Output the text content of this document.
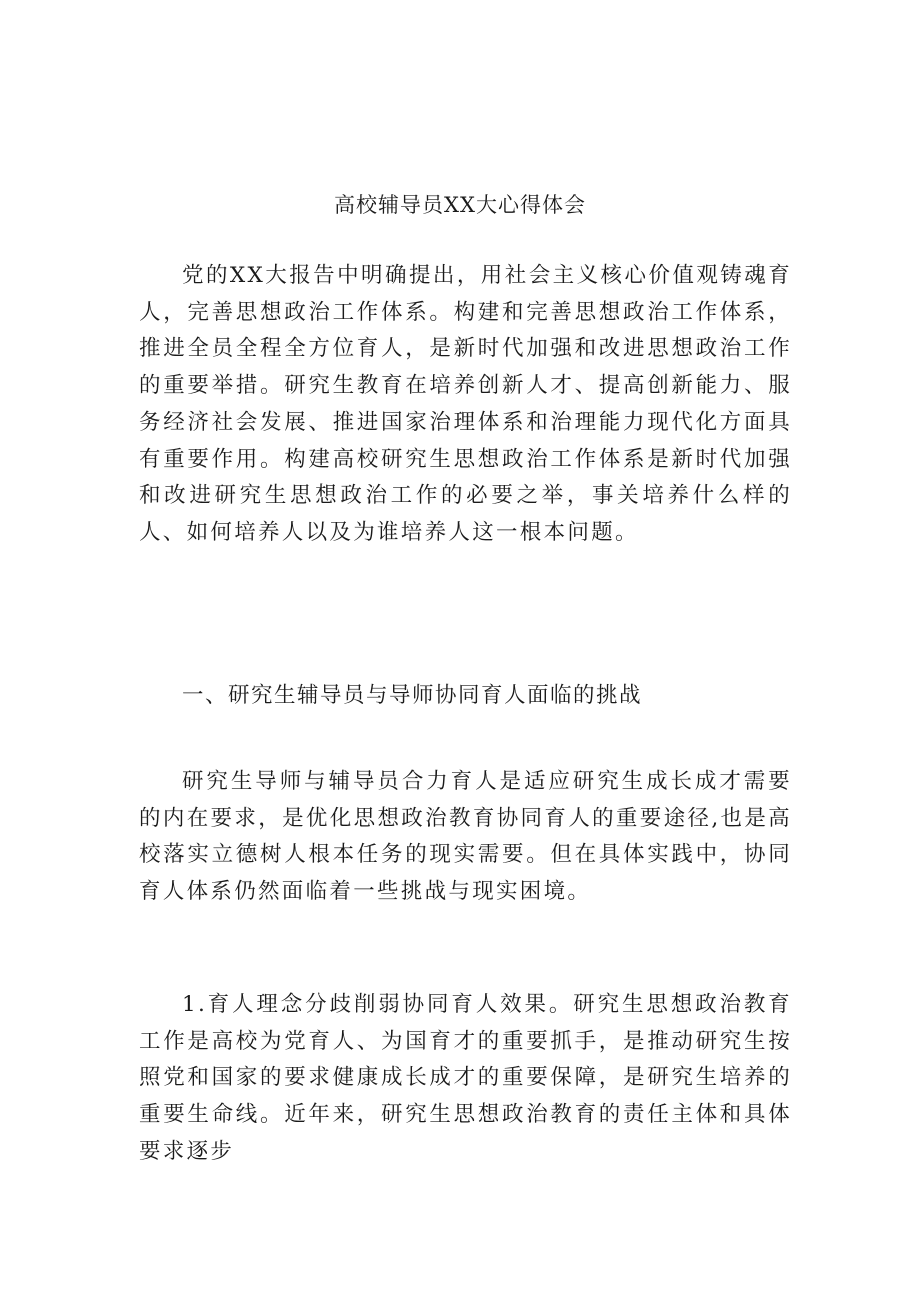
高校辅导员XX大心得体会

党的XX大报告中明确提出，用社会主义核心价值观铸魂育人，完善思想政治工作体系。构建和完善思想政治工作体系，推进全员全程全方位育人，是新时代加强和改进思想政治工作的重要举措。研究生教育在培养创新人才、提高创新能力、服务经济社会发展、推进国家治理体系和治理能力现代化方面具有重要作用。构建高校研究生思想政治工作体系是新时代加强和改进研究生思想政治工作的必要之举，事关培养什么样的人、如何培养人以及为谁培养人这一根本问题。

一、研究生辅导员与导师协同育人面临的挑战

研究生导师与辅导员合力育人是适应研究生成长成才需要的内在要求，是优化思想政治教育协同育人的重要途径,也是高校落实立德树人根本任务的现实需要。但在具体实践中，协同育人体系仍然面临着一些挑战与现实困境。

1.育人理念分歧削弱协同育人效果。研究生思想政治教育工作是高校为党育人、为国育才的重要抓手，是推动研究生按照党和国家的要求健康成长成才的重要保障，是研究生培养的重要生命线。近年来，研究生思想政治教育的责任主体和具体要求逐步
